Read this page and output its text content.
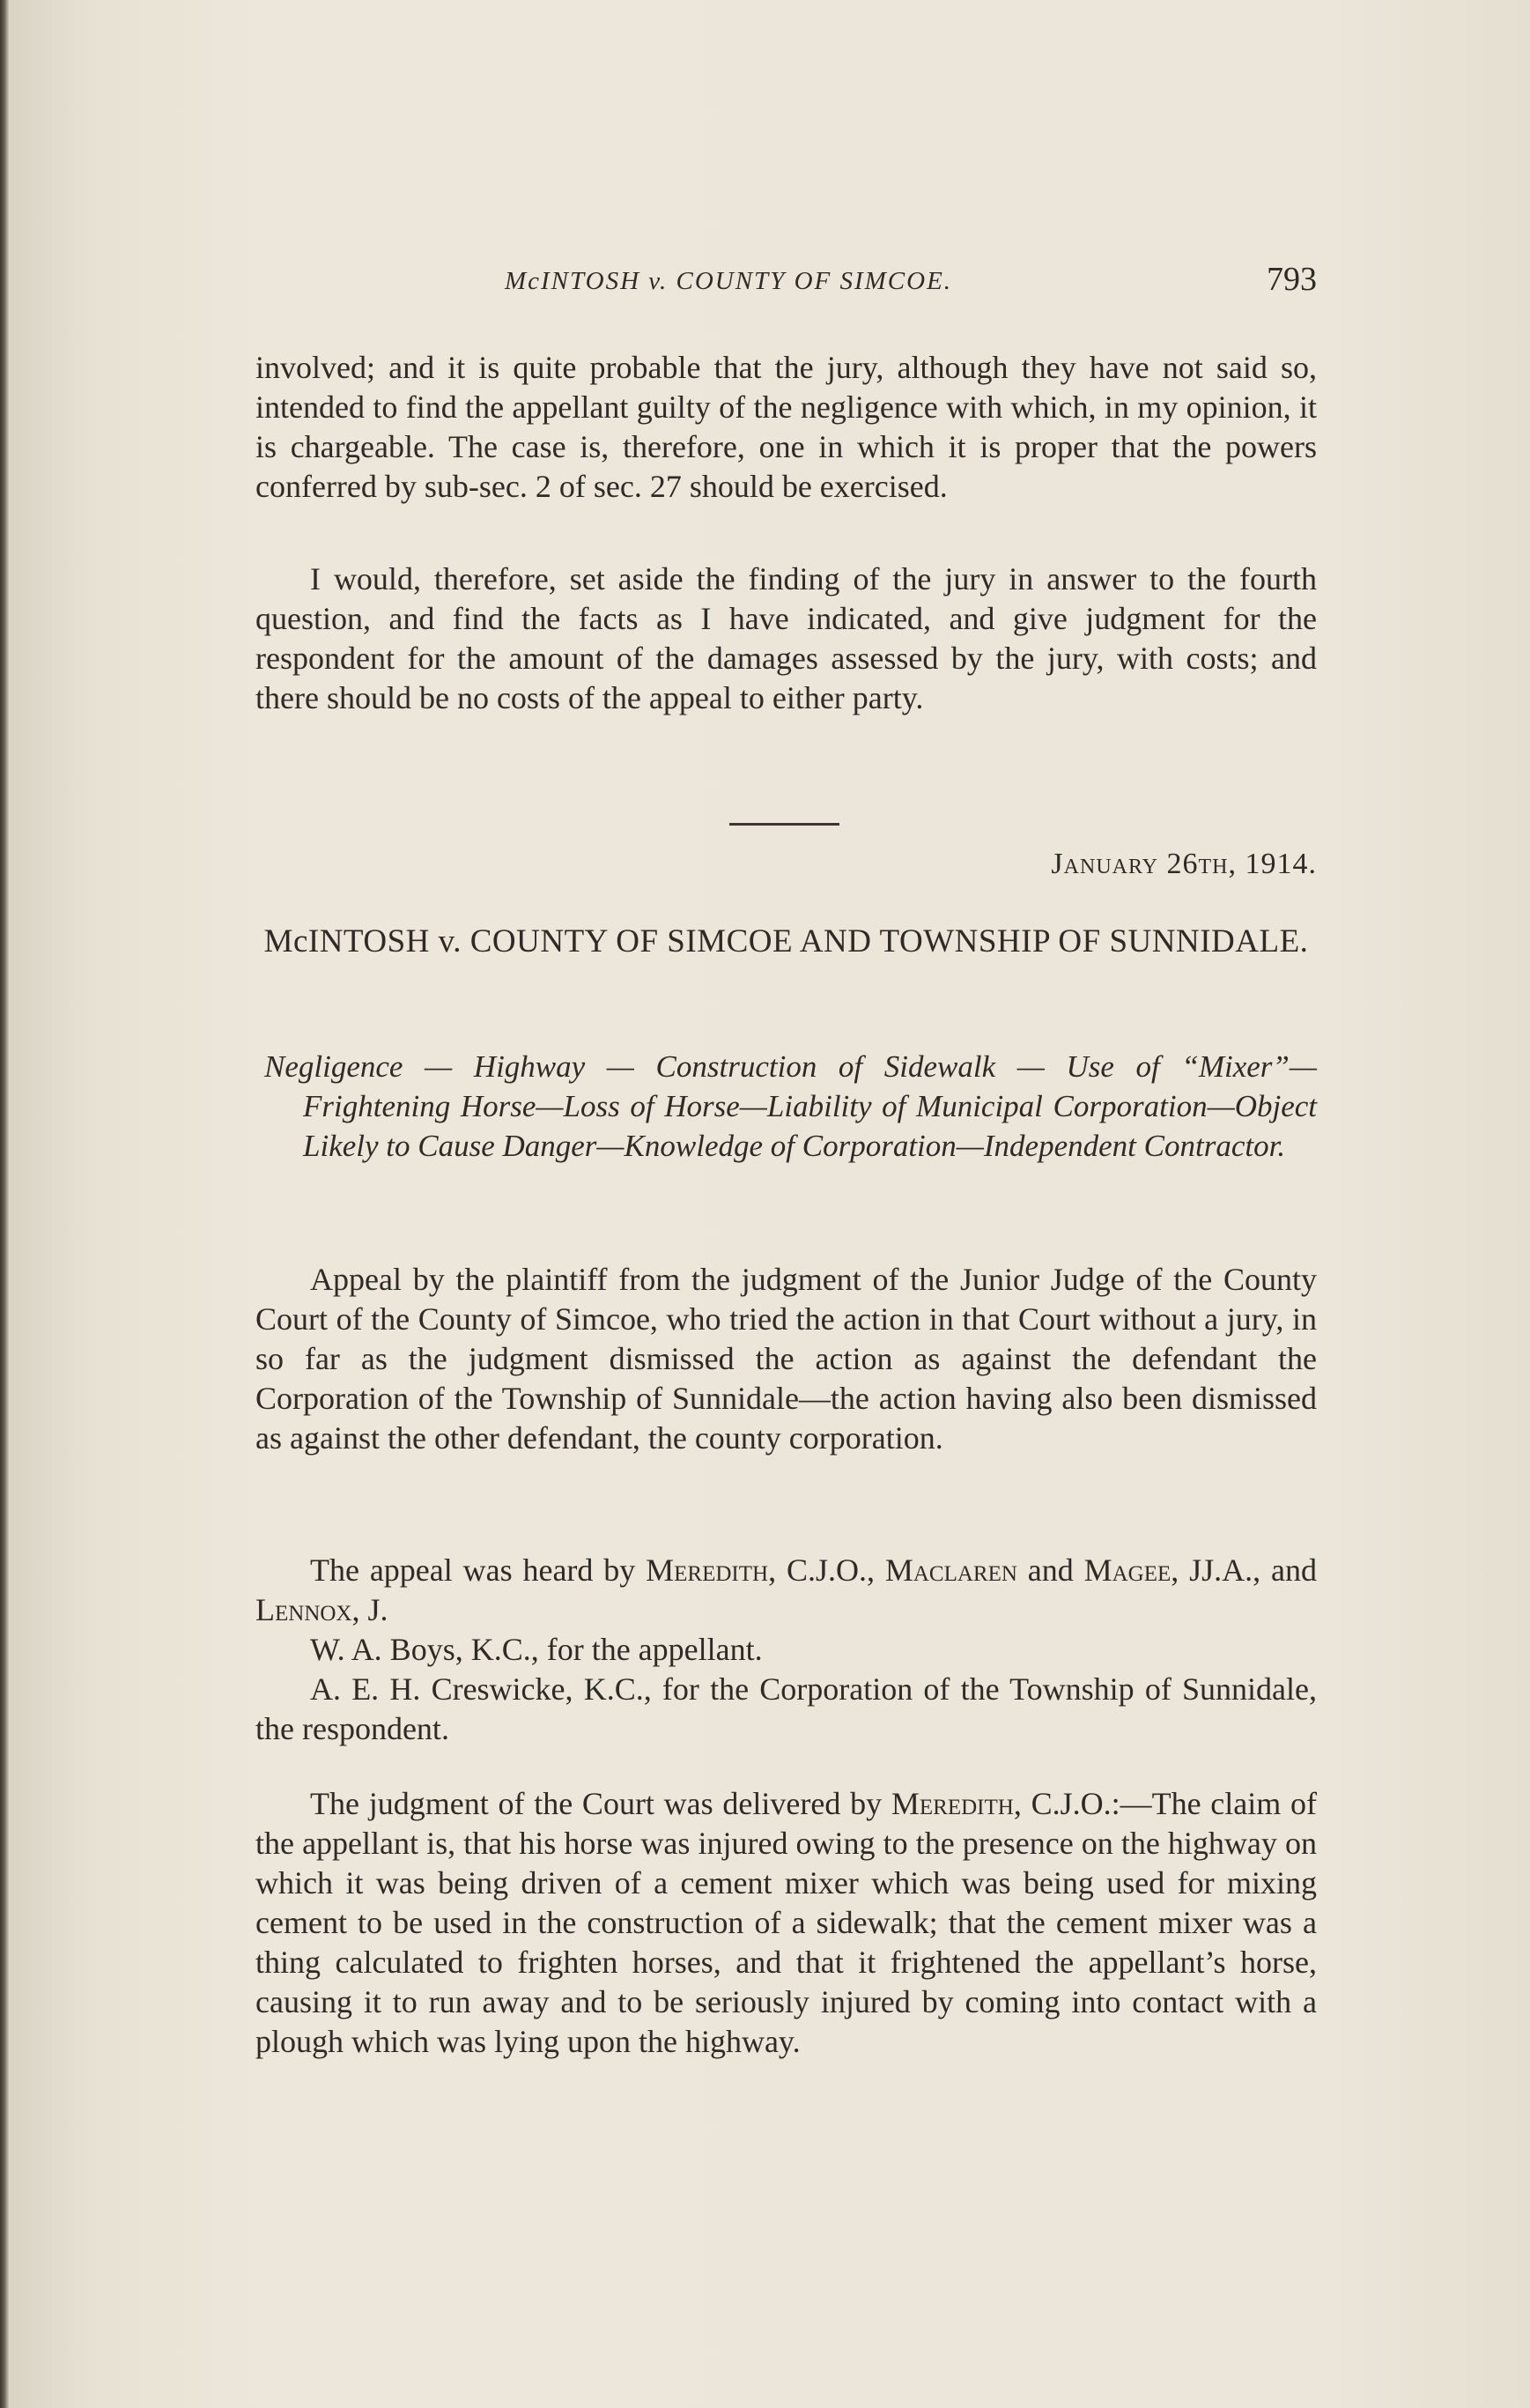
McINTOSH v. COUNTY OF SIMCOE.	793

involved; and it is quite probable that the jury, although they have not said so, intended to find the appellant guilty of the negligence with which, in my opinion, it is chargeable. The case is, therefore, one in which it is proper that the powers conferred by sub-sec. 2 of sec. 27 should be exercised.

I would, therefore, set aside the finding of the jury in answer to the fourth question, and find the facts as I have indicated, and give judgment for the respondent for the amount of the damages assessed by the jury, with costs; and there should be no costs of the appeal to either party.

January 26th, 1914.
McINTOSH v. COUNTY OF SIMCOE AND TOWNSHIP OF SUNNIDALE.
Negligence — Highway — Construction of Sidewalk — Use of “Mixer”—Frightening Horse—Loss of Horse—Liability of Municipal Corporation—Object Likely to Cause Danger—Knowledge of Corporation—Independent Contractor.

Appeal by the plaintiff from the judgment of the Junior Judge of the County Court of the County of Simcoe, who tried the action in that Court without a jury, in so far as the judgment dismissed the action as against the defendant the Corporation of the Township of Sunnidale—the action having also been dismissed as against the other defendant, the county corporation.

The appeal was heard by Meredith, C.J.O., Maclaren and Magee, JJ.A., and Lennox, J.

W. A. Boys, K.C., for the appellant.

A. E. H. Creswicke, K.C., for the Corporation of the Township of Sunnidale, the respondent.

The judgment of the Court was delivered by Meredith, C.J.O.:—The claim of the appellant is, that his horse was injured owing to the presence on the highway on which it was being driven of a cement mixer which was being used for mixing cement to be used in the construction of a sidewalk; that the cement mixer was a thing calculated to frighten horses, and that it frightened the appellant’s horse, causing it to run away and to be seriously injured by coming into contact with a plough which was lying upon the highway.
